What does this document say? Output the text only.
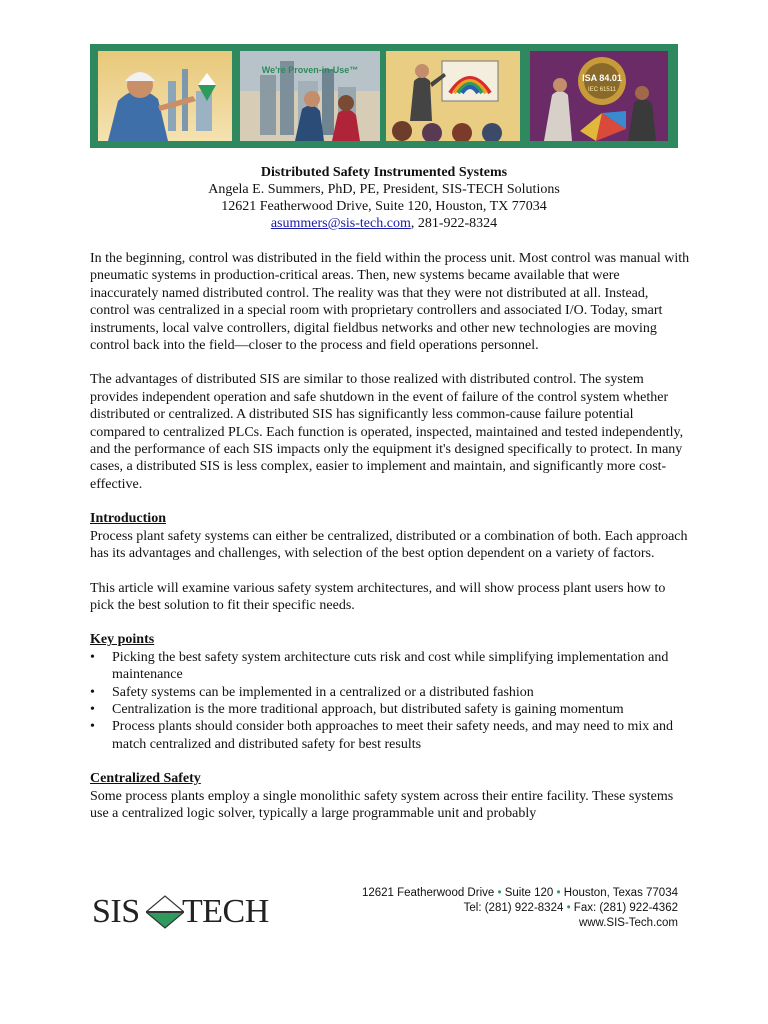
We're Proven-in-Use™
ISA 84.01
IEC 61511
Distributed Safety Instrumented Systems
Angela E. Summers, PhD, PE, President, SIS-TECH Solutions
12621 Featherwood Drive, Suite 120, Houston, TX 77034
asummers@sis-tech.com, 281-922-8324

In the beginning, control was distributed in the field within the process unit. Most control was manual with pneumatic systems in production-critical areas. Then, new systems became available that were inaccurately named distributed control. The reality was that they were not distributed at all. Instead, control was centralized in a special room with proprietary controllers and associated I/O. Today, smart instruments, local valve controllers, digital fieldbus networks and other new technologies are moving control back into the field—closer to the process and field operations personnel.

The advantages of distributed SIS are similar to those realized with distributed control. The system provides independent operation and safe shutdown in the event of failure of the control system whether distributed or centralized. A distributed SIS has significantly less common-cause failure potential compared to centralized PLCs. Each function is operated, inspected, maintained and tested independently, and the performance of each SIS impacts only the equipment it's designed specifically to protect. In many cases, a distributed SIS is less complex, easier to implement and maintain, and significantly more cost-effective.

Introduction

Process plant safety systems can either be centralized, distributed or a combination of both. Each approach has its advantages and challenges, with selection of the best option dependent on a variety of factors.

This article will examine various safety system architectures, and will show process plant users how to pick the best solution to fit their specific needs.

Key points
• Picking the best safety system architecture cuts risk and cost while simplifying implementation and maintenance
• Safety systems can be implemented in a centralized or a distributed fashion
• Centralization is the more traditional approach, but distributed safety is gaining momentum
• Process plants should consider both approaches to meet their safety needs, and may need to mix and match centralized and distributed safety for best results
Centralized Safety

Some process plants employ a single monolithic safety system across their entire facility. These systems use a centralized logic solver, typically a large programmable unit and probably

SIS TECH	12621 Featherwood Drive • Suite 120 • Houston, Texas 77034
Tel: (281) 922-8324 • Fax: (281) 922-4362
www.SIS-Tech.com
